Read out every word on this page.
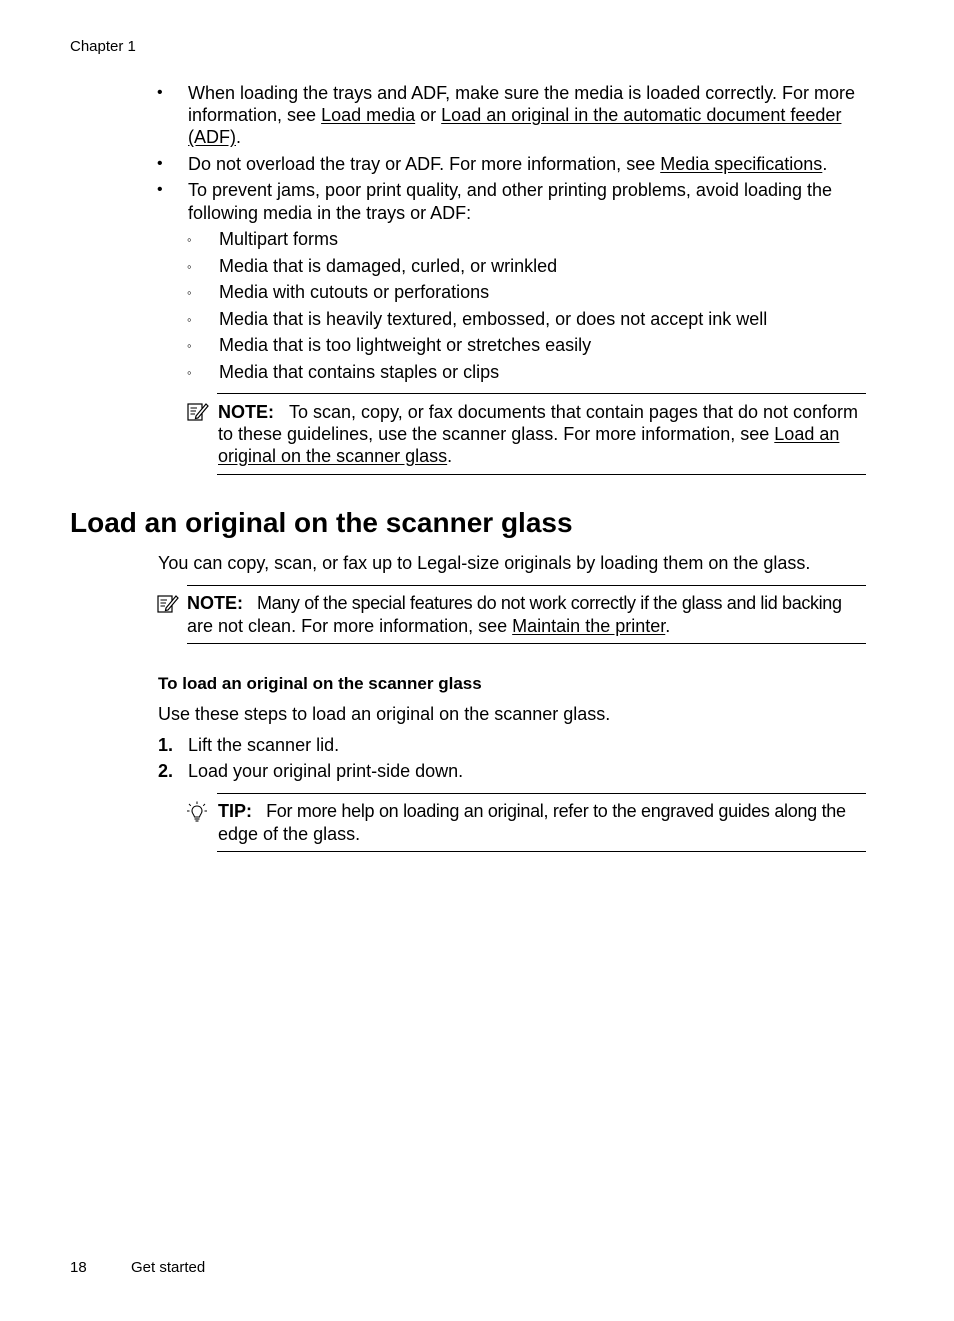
Chapter 1
• When loading the trays and ADF, make sure the media is loaded correctly. For more
information, see Load media or Load an original in the automatic document feeder
(ADF).
• Do not overload the tray or ADF. For more information, see Media specifications.
• To prevent jams, poor print quality, and other printing problems, avoid loading the
following media in the trays or ADF:
◦ Multipart forms
◦ Media that is damaged, curled, or wrinkled
◦ Media with cutouts or perforations
◦ Media that is heavily textured, embossed, or does not accept ink well
◦ Media that is too lightweight or stretches easily
◦ Media that contains staples or clips
NOTE: To scan, copy, or fax documents that contain pages that do not conform
to these guidelines, use the scanner glass. For more information, see Load an
original on the scanner glass.
Load an original on the scanner glass
You can copy, scan, or fax up to Legal-size originals by loading them on the glass.
NOTE: Many of the special features do not work correctly if the glass and lid backing
are not clean. For more information, see Maintain the printer.
To load an original on the scanner glass
Use these steps to load an original on the scanner glass.
1. Lift the scanner lid.
2. Load your original print-side down.
TIP: For more help on loading an original, refer to the engraved guides along the
edge of the glass.
18	Get started
